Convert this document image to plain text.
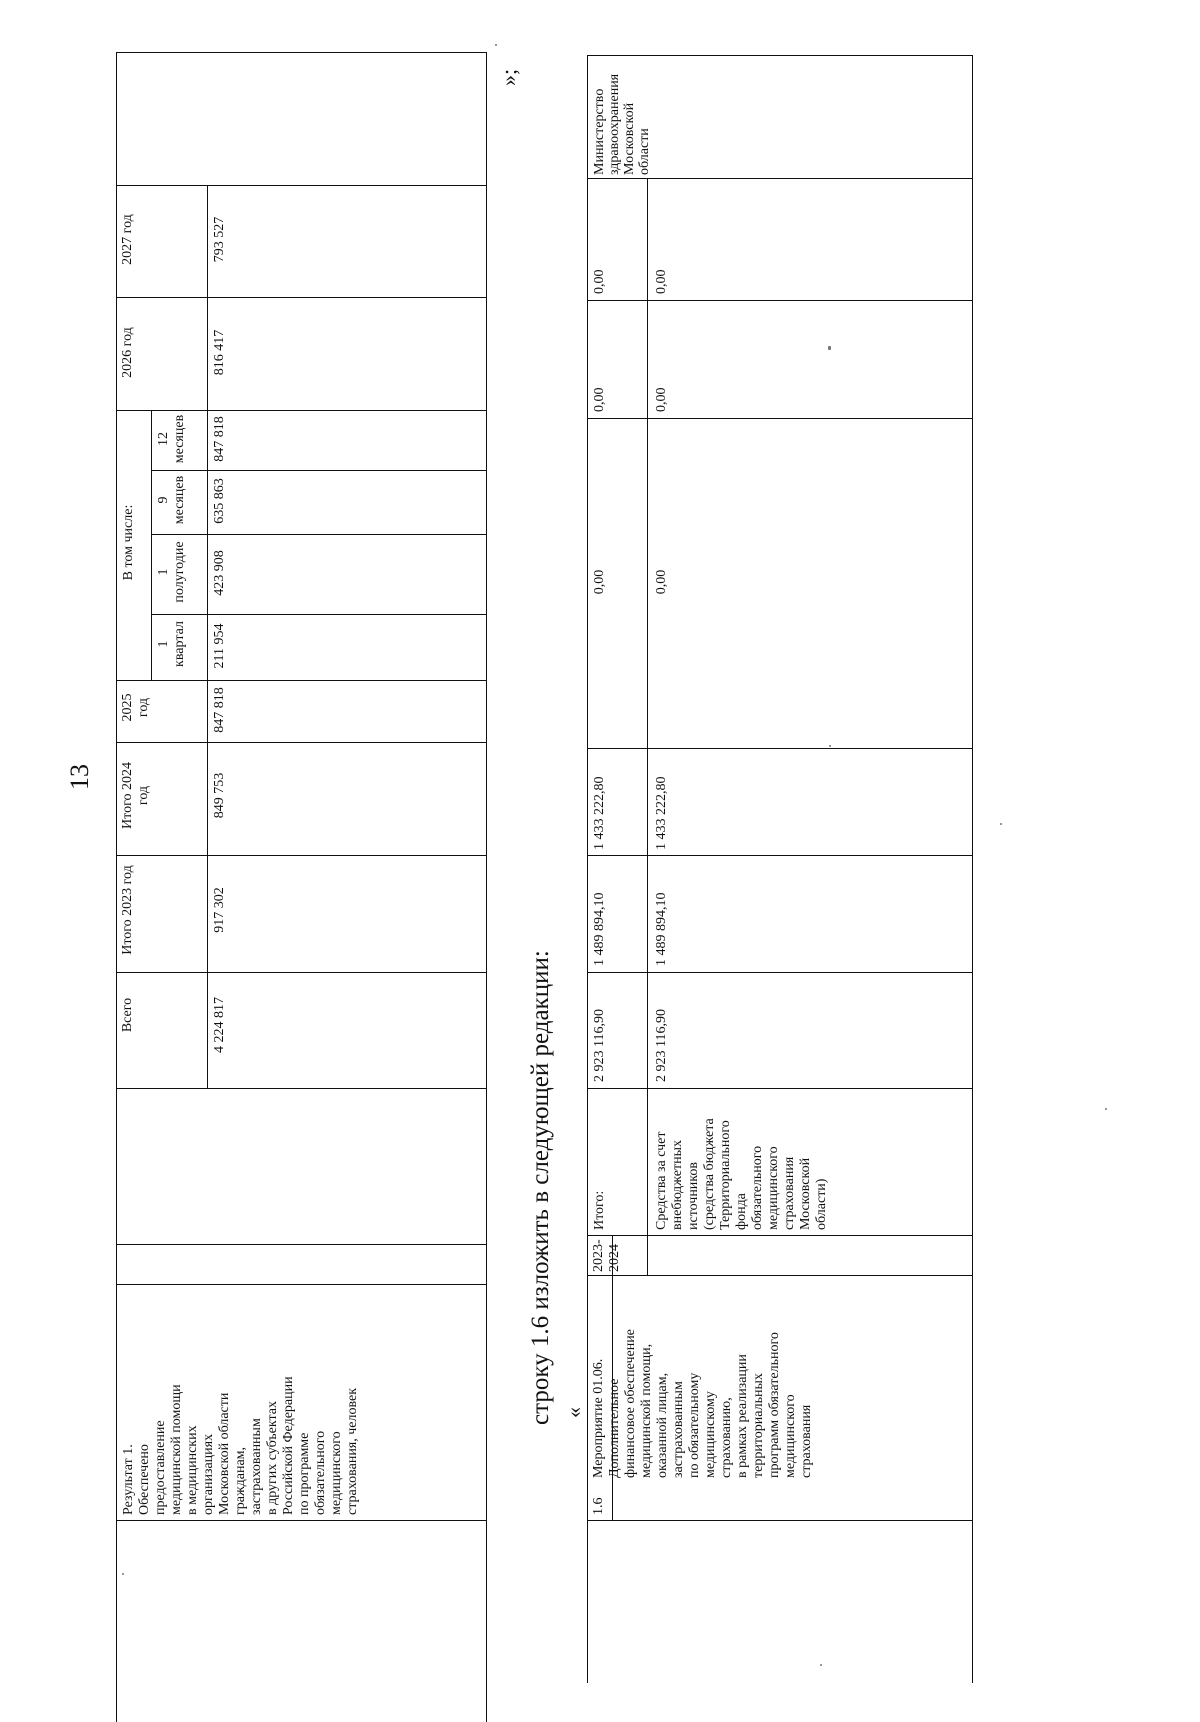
13
Всего
Итого 2023 год
Итого 2024
год
2025
год
В том числе:
1
квартал
1
полугодие
9
месяцев
12
месяцев
2026 год
2027 год
Результат 1.
Обеспечено
предоставление
медицинской помощи
в медицинских
организациях
Московской области
гражданам,
застрахованным
в других субъектах
Российской Федерации
по программе
обязательного
медицинского
страхования, человек
4 224 817
917 302
849 753
847 818
211 954
423 908
635 863
847 818
816 417
793 527
»;
строку 1.6 изложить в следующей редакции: «
1.6
Мероприятие 01.06.
Дополнительное
финансовое обеспечение
медицинской помощи,
оказанной лицам,
застрахованным
по обязательному
медицинскому
страхованию,
в рамках реализации
территориальных
программ обязательного
медицинского
страхования
2023-
2024
Итого:
2 923 116,90
1 489 894,10
1 433 222,80
0,00
0,00
0,00
Средства за счет
внебюджетных
источников
(средства бюджета
Территориального
фонда
обязательного
медицинского
страхования
Московской
области)
2 923 116,90
1 489 894,10
1 433 222,80
0,00
0,00
0,00
Министерство
здравоохранения
Московской
области
